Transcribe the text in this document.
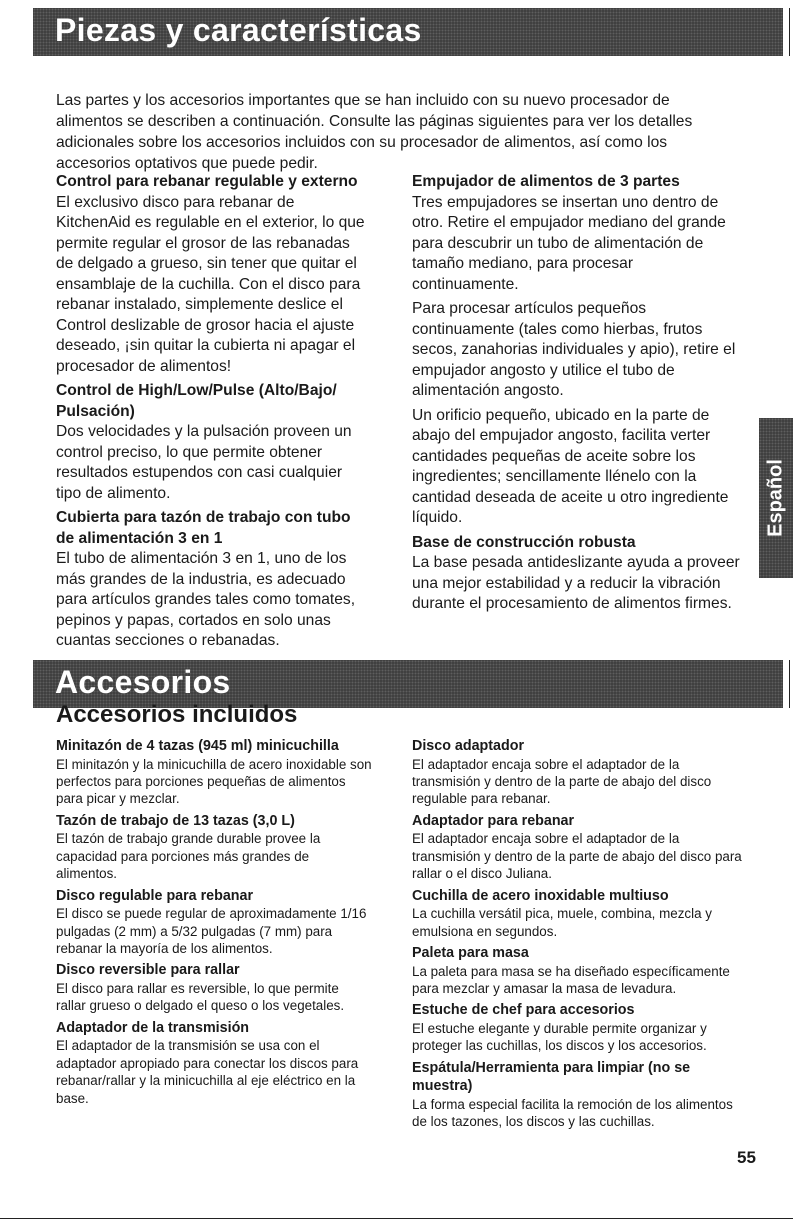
Piezas y características

Las partes y los accesorios importantes que se han incluido con su nuevo procesador de alimentos se describen a continuación. Consulte las páginas siguientes para ver los detalles adicionales sobre los accesorios incluidos con su procesador de alimentos, así como los accesorios optativos que puede pedir.

Control para rebanar regulable y externo

El exclusivo disco para rebanar de KitchenAid es regulable en el exterior, lo que permite regular el grosor de las rebanadas de delgado a grueso, sin tener que quitar el ensamblaje de la cuchilla. Con el disco para rebanar instalado, simplemente deslice el Control deslizable de grosor hacia el ajuste deseado, ¡sin quitar la cubierta ni apagar el procesador de alimentos!

Control de High/Low/Pulse (Alto/Bajo/ Pulsación)

Dos velocidades y la pulsación proveen un control preciso, lo que permite obtener resultados estupendos con casi cualquier tipo de alimento.

Cubierta para tazón de trabajo con tubo de alimentación 3 en 1

El tubo de alimentación 3 en 1, uno de los más grandes de la industria, es adecuado para artículos grandes tales como tomates, pepinos y papas, cortados en solo unas cuantas secciones o rebanadas.

Empujador de alimentos de 3 partes

Tres empujadores se insertan uno dentro de otro. Retire el empujador mediano del grande para descubrir un tubo de alimentación de tamaño mediano, para procesar continuamente.

Para procesar artículos pequeños continuamente (tales como hierbas, frutos secos, zanahorias individuales y apio), retire el empujador angosto y utilice el tubo de alimentación angosto.

Un orificio pequeño, ubicado en la parte de abajo del empujador angosto, facilita verter cantidades pequeñas de aceite sobre los ingredientes; sencillamente llénelo con la cantidad deseada de aceite u otro ingrediente líquido.

Base de construcción robusta

La base pesada antideslizante ayuda a proveer una mejor estabilidad y a reducir la vibración durante el procesamiento de alimentos firmes.

Español
Accesorios
Accesorios incluidos
Minitazón de 4 tazas (945 ml) minicuchilla

El minitazón y la minicuchilla de acero inoxidable son perfectos para porciones pequeñas de alimentos para picar y mezclar.

Tazón de trabajo de 13 tazas (3,0 L)

El tazón de trabajo grande durable provee la capacidad para porciones más grandes de alimentos.

Disco regulable para rebanar

El disco se puede regular de aproximadamente 1/16 pulgadas (2 mm) a 5/32 pulgadas (7 mm) para rebanar la mayoría de los alimentos.

Disco reversible para rallar

El disco para rallar es reversible, lo que permite rallar grueso o delgado el queso o los vegetales.

Adaptador de la transmisión

El adaptador de la transmisión se usa con el adaptador apropiado para conectar los discos para rebanar/rallar y la minicuchilla al eje eléctrico en la base.

Disco adaptador

El adaptador encaja sobre el adaptador de la transmisión y dentro de la parte de abajo del disco regulable para rebanar.

Adaptador para rebanar

El adaptador encaja sobre el adaptador de la transmisión y dentro de la parte de abajo del disco para rallar o el disco Juliana.

Cuchilla de acero inoxidable multiuso

La cuchilla versátil pica, muele, combina, mezcla y emulsiona en segundos.

Paleta para masa

La paleta para masa se ha diseñado específicamente para mezclar y amasar la masa de levadura.

Estuche de chef para accesorios

El estuche elegante y durable permite organizar y proteger las cuchillas, los discos y los accesorios.

Espátula/Herramienta para limpiar (no se muestra)

La forma especial facilita la remoción de los alimentos de los tazones, los discos y las cuchillas.

55
